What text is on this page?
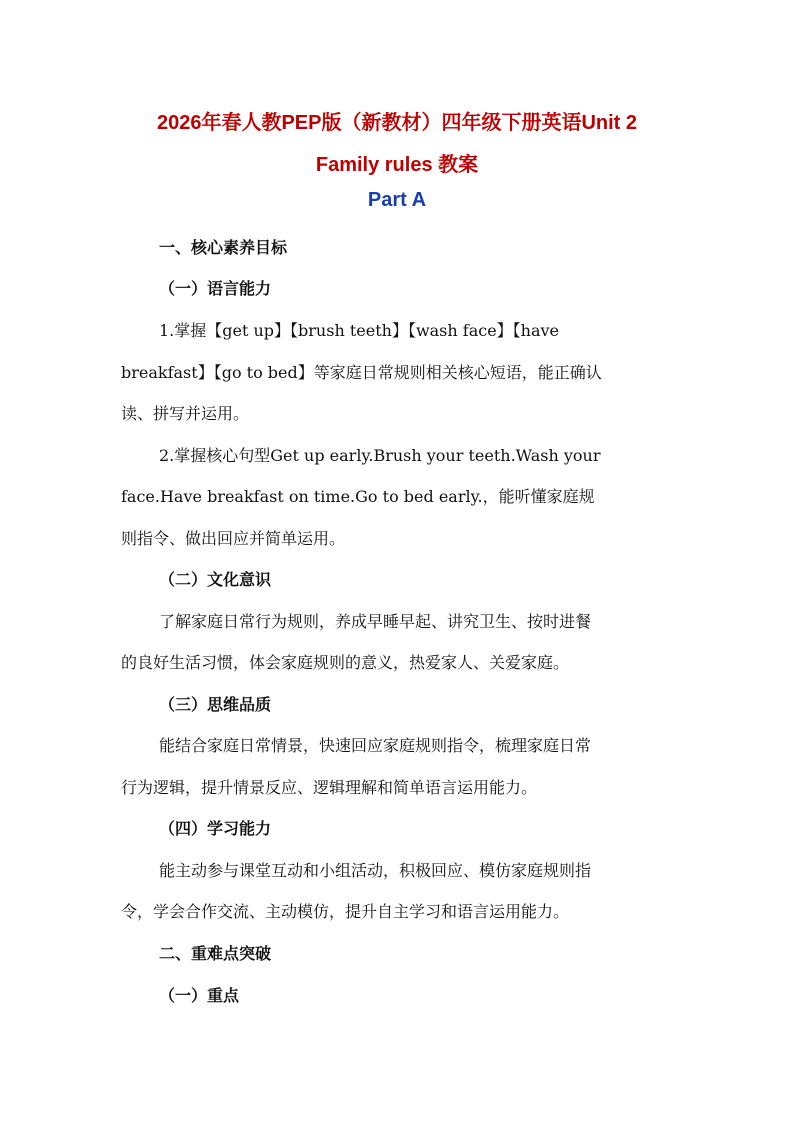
2026年春人教PEP版（新教材）四年级下册英语Unit 2
Family rules 教案
Part A
一、核心素养目标
（一）语言能力
1.掌握【get up】【brush teeth】【wash face】【have
breakfast】【go to bed】等家庭日常规则相关核心短语，能正确认
读、拼写并运用。
2.掌握核心句型Get up early.Brush your teeth.Wash your
face.Have breakfast on time.Go to bed early.，能听懂家庭规
则指令、做出回应并简单运用。
（二）文化意识
了解家庭日常行为规则，养成早睡早起、讲究卫生、按时进餐
的良好生活习惯，体会家庭规则的意义，热爱家人、关爱家庭。
（三）思维品质
能结合家庭日常情景，快速回应家庭规则指令，梳理家庭日常
行为逻辑，提升情景反应、逻辑理解和简单语言运用能力。
（四）学习能力
能主动参与课堂互动和小组活动，积极回应、模仿家庭规则指
令，学会合作交流、主动模仿，提升自主学习和语言运用能力。
二、重难点突破
（一）重点
